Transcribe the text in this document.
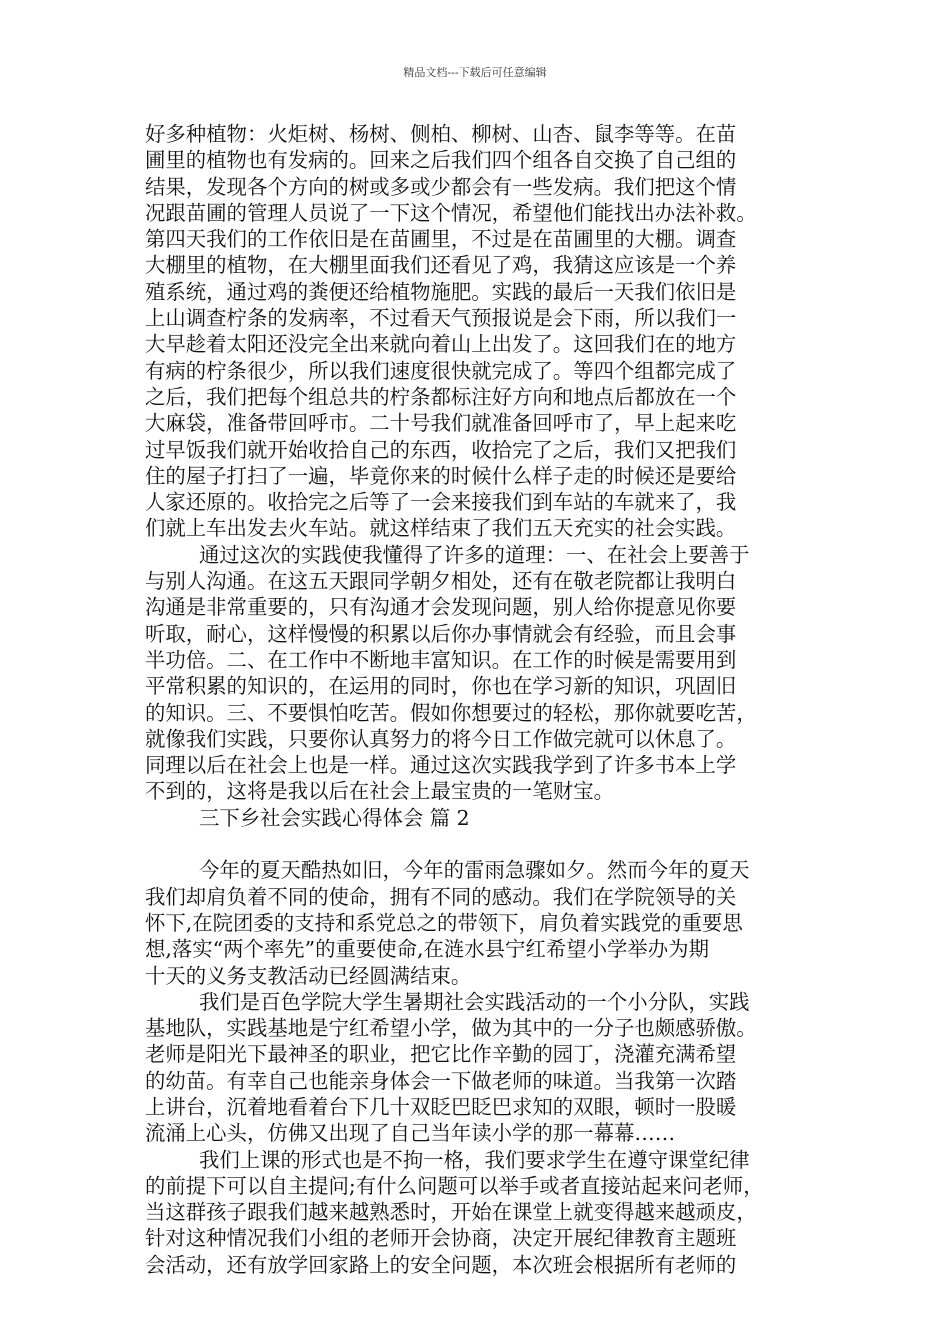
精品文档---下载后可任意编辑
好多种植物：火炬树、杨树、侧柏、柳树、山杏、鼠李等等。在苗
圃里的植物也有发病的。回来之后我们四个组各自交换了自己组的
结果，发现各个方向的树或多或少都会有一些发病。我们把这个情
况跟苗圃的管理人员说了一下这个情况，希望他们能找出办法补救。
第四天我们的工作依旧是在苗圃里，不过是在苗圃里的大棚。调查
大棚里的植物，在大棚里面我们还看见了鸡，我猜这应该是一个养
殖系统，通过鸡的粪便还给植物施肥。实践的最后一天我们依旧是
上山调查柠条的发病率，不过看天气预报说是会下雨，所以我们一
大早趁着太阳还没完全出来就向着山上出发了。这回我们在的地方
有病的柠条很少，所以我们速度很快就完成了。等四个组都完成了
之后，我们把每个组总共的柠条都标注好方向和地点后都放在一个
大麻袋，准备带回呼市。二十号我们就准备回呼市了，早上起来吃
过早饭我们就开始收拾自己的东西，收拾完了之后，我们又把我们
住的屋子打扫了一遍，毕竟你来的时候什么样子走的时候还是要给
人家还原的。收拾完之后等了一会来接我们到车站的车就来了，我
们就上车出发去火车站。就这样结束了我们五天充实的社会实践。
通过这次的实践使我懂得了许多的道理：一、在社会上要善于
与别人沟通。在这五天跟同学朝夕相处，还有在敬老院都让我明白
沟通是非常重要的，只有沟通才会发现问题，别人给你提意见你要
听取，耐心，这样慢慢的积累以后你办事情就会有经验，而且会事
半功倍。二、在工作中不断地丰富知识。在工作的时候是需要用到
平常积累的知识的，在运用的同时，你也在学习新的知识，巩固旧
的知识。三、不要惧怕吃苦。假如你想要过的轻松，那你就要吃苦，
就像我们实践，只要你认真努力的将今日工作做完就可以休息了。
同理以后在社会上也是一样。通过这次实践我学到了许多书本上学
不到的，这将是我以后在社会上最宝贵的一笔财宝。
三下乡社会实践心得体会 篇 2
今年的夏天酷热如旧，今年的雷雨急骤如夕。然而今年的夏天
我们却肩负着不同的使命，拥有不同的感动。我们在学院领导的关
怀下,在院团委的支持和系党总之的带领下，肩负着实践党的重要思
想,落实“两个率先”的重要使命,在涟水县宁红希望小学举办为期
十天的义务支教活动已经圆满结束。
我们是百色学院大学生暑期社会实践活动的一个小分队，实践
基地队，实践基地是宁红希望小学，做为其中的一分子也颇感骄傲。
老师是阳光下最神圣的职业，把它比作辛勤的园丁，浇灌充满希望
的幼苗。有幸自己也能亲身体会一下做老师的味道。当我第一次踏
上讲台，沉着地看着台下几十双眨巴眨巴求知的双眼，顿时一股暖
流涌上心头，仿佛又出现了自己当年读小学的那一幕幕……
我们上课的形式也是不拘一格，我们要求学生在遵守课堂纪律
的前提下可以自主提问;有什么问题可以举手或者直接站起来问老师，
当这群孩子跟我们越来越熟悉时，开始在课堂上就变得越来越顽皮，
针对这种情况我们小组的老师开会协商，决定开展纪律教育主题班
会活动，还有放学回家路上的安全问题，本次班会根据所有老师的
